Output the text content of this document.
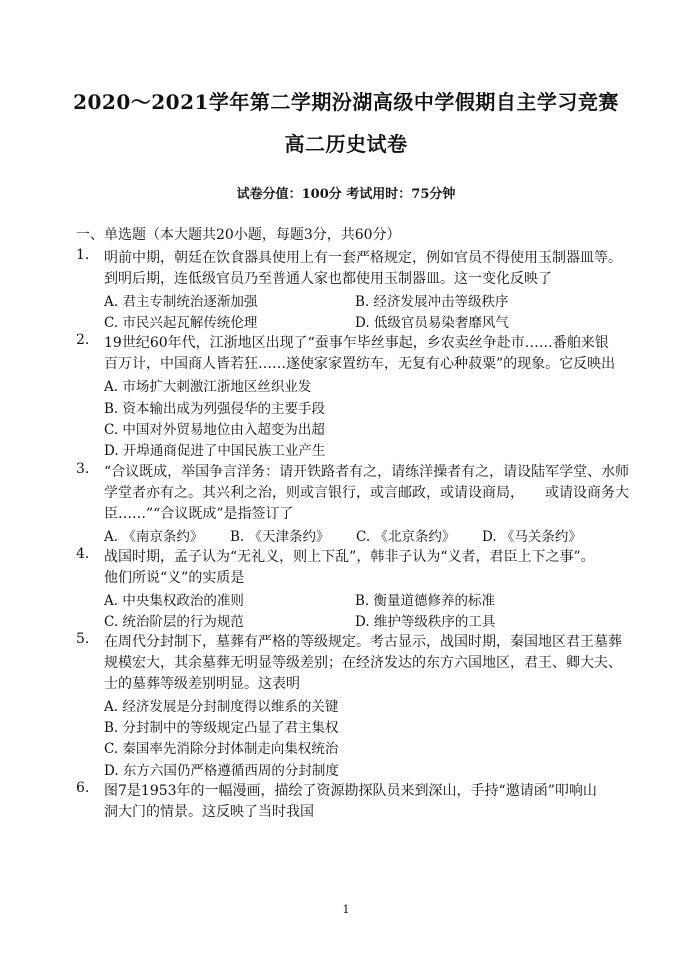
2020～2021学年第二学期汾湖高级中学假期自主学习竞赛
高二历史试卷
试卷分值：100分 考试用时：75分钟
一、单选题（本大题共20小题，每题3分，共60分）
1. 明前中期，朝廷在饮食器具使用上有一套严格规定，例如官员不得使用玉制器皿等。
到明后期，连低级官员乃至普通人家也都使用玉制器皿。这一变化反映了
A. 君主专制统治逐渐加强	B. 经济发展冲击等级秩序
C. 市民兴起瓦解传统伦理	D. 低级官员易染奢靡风气
2. 19世纪60年代，江浙地区出现了“蚕事乍毕丝事起，乡农卖丝争赴市……番舶来银
百万计，中国商人皆若狂……遂使家家置纺车，无复有心种菽粟”的现象。它反映出
A. 市场扩大刺激江浙地区丝织业发
B. 资本输出成为列强侵华的主要手段
C. 中国对外贸易地位由入超变为出超
D. 开埠通商促进了中国民族工业产生
3. “合议既成，举国争言洋务：请开铁路者有之，请练洋操者有之，请设陆军学堂、水师
学堂者亦有之。其兴利之治，则或言银行，或言邮政，或请设商局，　　或请设商务大
臣……”“合议既成”是指签订了
A. 《南京条约》 B. 《天津条约》 C. 《北京条约》 D. 《马关条约》
4. 战国时期，孟子认为“无礼义，则上下乱”，韩非子认为“义者，君臣上下之事”。
他们所说“义”的实质是
A. 中央集权政治的准则	B. 衡量道德修养的标准
C. 统治阶层的行为规范	D. 维护等级秩序的工具
5. 在周代分封制下，墓葬有严格的等级规定。考古显示，战国时期，秦国地区君王墓葬
规模宏大，其余墓葬无明显等级差别；在经济发达的东方六国地区，君王、卿大夫、
士的墓葬等级差别明显。这表明
A. 经济发展是分封制度得以维系的关键
B. 分封制中的等级规定凸显了君主集权
C. 秦国率先消除分封体制走向集权统治
D. 东方六国仍严格遵循西周的分封制度
6. 图7是1953年的一幅漫画，描绘了资源勘探队员来到深山，手持“邀请函”叩响山
洞大门的情景。这反映了当时我国
1
